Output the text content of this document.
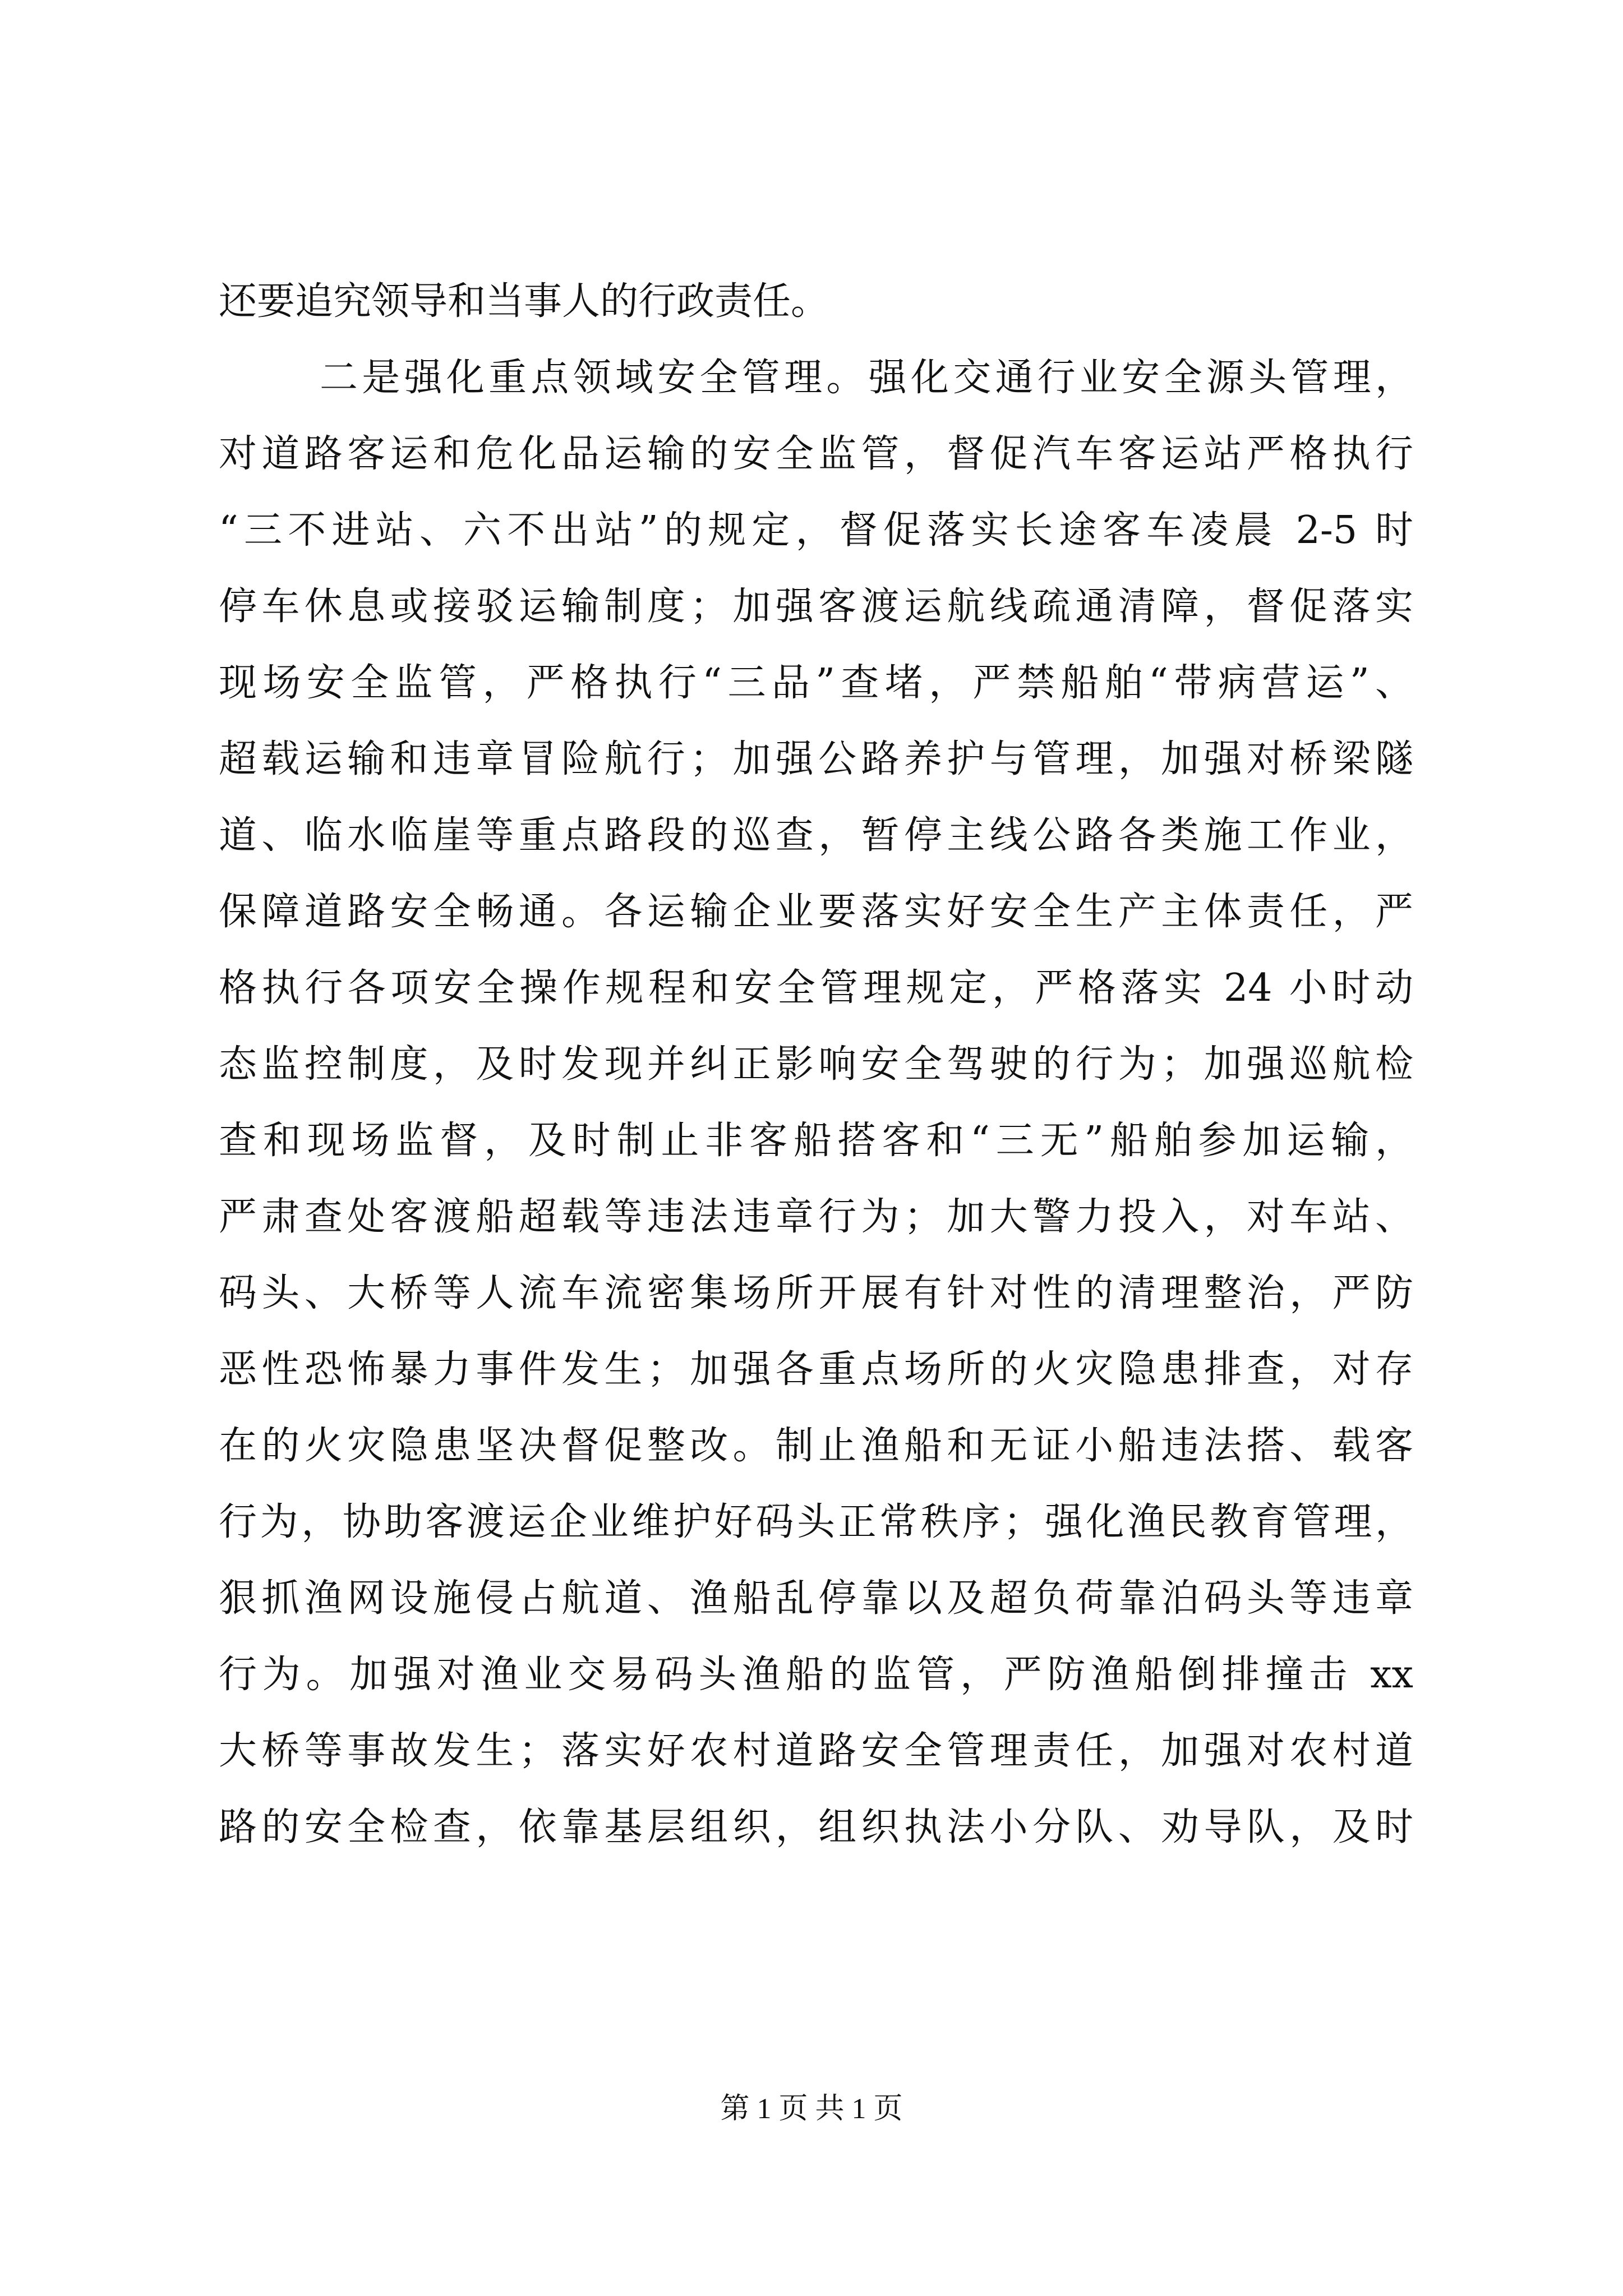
还要追究领导和当事人的行政责任。
二是强化重点领域安全管理。强化交通行业安全源头管理，
对道路客运和危化品运输的安全监管，督促汽车客运站严格执行
“三不进站、六不出站”的规定，督促落实长途客车凌晨 2-5 时
停车休息或接驳运输制度；加强客渡运航线疏通清障，督促落实
现场安全监管，严格执行“三品”查堵，严禁船舶“带病营运”、
超载运输和违章冒险航行；加强公路养护与管理，加强对桥梁隧
道、临水临崖等重点路段的巡查，暂停主线公路各类施工作业，
保障道路安全畅通。各运输企业要落实好安全生产主体责任，严
格执行各项安全操作规程和安全管理规定，严格落实 24 小时动
态监控制度，及时发现并纠正影响安全驾驶的行为；加强巡航检
查和现场监督，及时制止非客船搭客和“三无”船舶参加运输，
严肃查处客渡船超载等违法违章行为；加大警力投入，对车站、
码头、大桥等人流车流密集场所开展有针对性的清理整治，严防
恶性恐怖暴力事件发生；加强各重点场所的火灾隐患排查，对存
在的火灾隐患坚决督促整改。制止渔船和无证小船违法搭、载客
行为，协助客渡运企业维护好码头正常秩序；强化渔民教育管理，
狠抓渔网设施侵占航道、渔船乱停靠以及超负荷靠泊码头等违章
行为。加强对渔业交易码头渔船的监管，严防渔船倒排撞击 xx
大桥等事故发生；落实好农村道路安全管理责任，加强对农村道
路的安全检查，依靠基层组织，组织执法小分队、劝导队，及时
第 1 页 共 1 页
